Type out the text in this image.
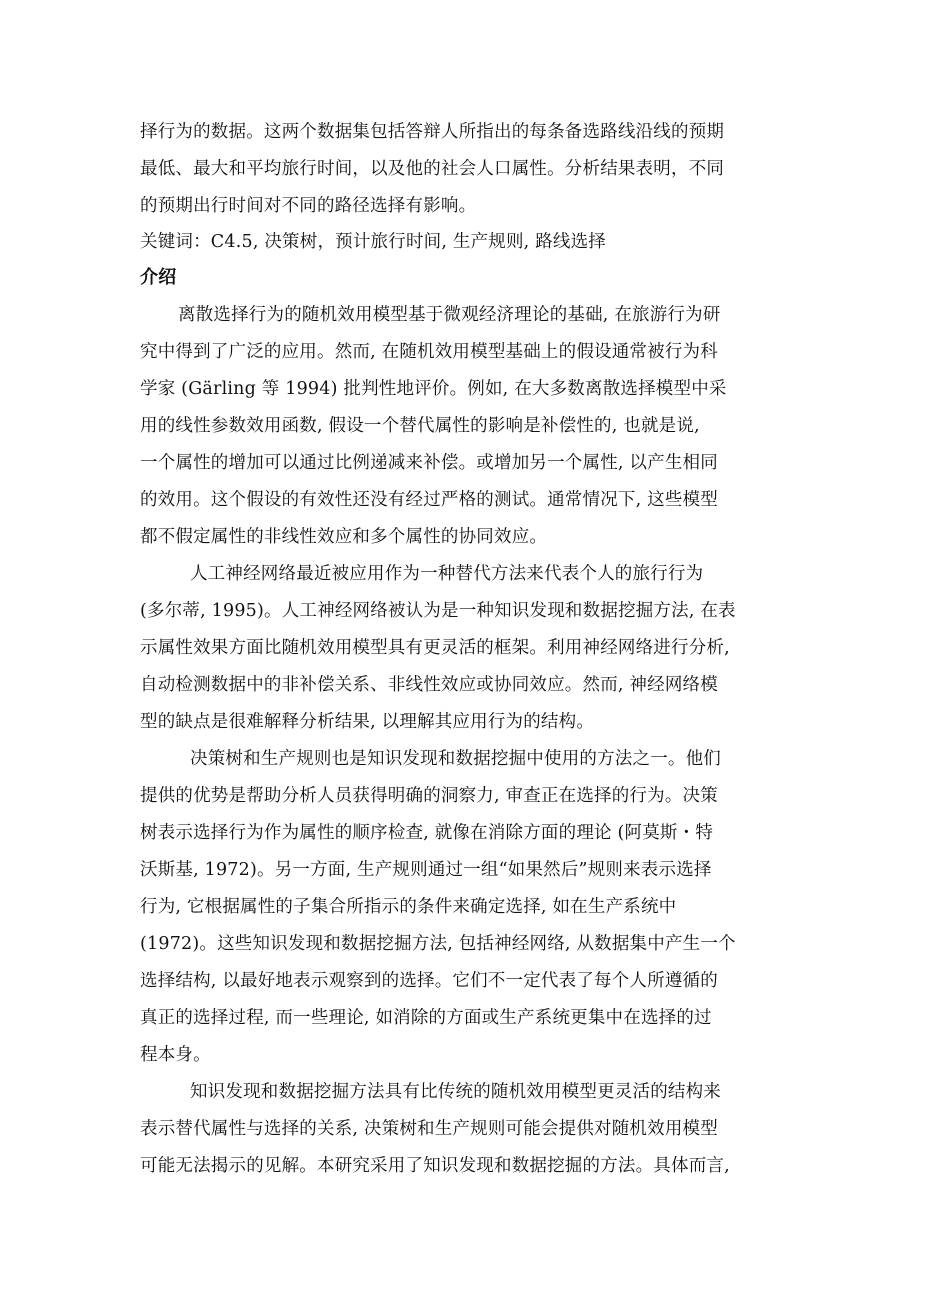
择行为的数据。这两个数据集包括答辩人所指出的每条备选路线沿线的预期
最低、最大和平均旅行时间，以及他的社会人口属性。分析结果表明，不同
的预期出行时间对不同的路径选择有影响。
关键词：C4.5, 决策树，预计旅行时间, 生产规则, 路线选择
介绍
离散选择行为的随机效用模型基于微观经济理论的基础, 在旅游行为研
究中得到了广泛的应用。然而, 在随机效用模型基础上的假设通常被行为科
学家 (Gärling 等 1994) 批判性地评价。例如, 在大多数离散选择模型中采
用的线性参数效用函数, 假设一个替代属性的影响是补偿性的, 也就是说,
一个属性的增加可以通过比例递减来补偿。或增加另一个属性, 以产生相同
的效用。这个假设的有效性还没有经过严格的测试。通常情况下, 这些模型
都不假定属性的非线性效应和多个属性的协同效应。
人工神经网络最近被应用作为一种替代方法来代表个人的旅行行为
(多尔蒂, 1995)。人工神经网络被认为是一种知识发现和数据挖掘方法, 在表
示属性效果方面比随机效用模型具有更灵活的框架。利用神经网络进行分析,
自动检测数据中的非补偿关系、非线性效应或协同效应。然而, 神经网络模
型的缺点是很难解释分析结果, 以理解其应用行为的结构。
决策树和生产规则也是知识发现和数据挖掘中使用的方法之一。他们
提供的优势是帮助分析人员获得明确的洞察力, 审查正在选择的行为。决策
树表示选择行为作为属性的顺序检查, 就像在消除方面的理论 (阿莫斯・特
沃斯基, 1972)。另一方面, 生产规则通过一组“如果然后”规则来表示选择
行为, 它根据属性的子集合所指示的条件来确定选择, 如在生产系统中
(1972)。这些知识发现和数据挖掘方法, 包括神经网络, 从数据集中产生一个
选择结构, 以最好地表示观察到的选择。它们不一定代表了每个人所遵循的
真正的选择过程, 而一些理论, 如消除的方面或生产系统更集中在选择的过
程本身。
知识发现和数据挖掘方法具有比传统的随机效用模型更灵活的结构来
表示替代属性与选择的关系, 决策树和生产规则可能会提供对随机效用模型
可能无法揭示的见解。本研究采用了知识发现和数据挖掘的方法。具体而言,
